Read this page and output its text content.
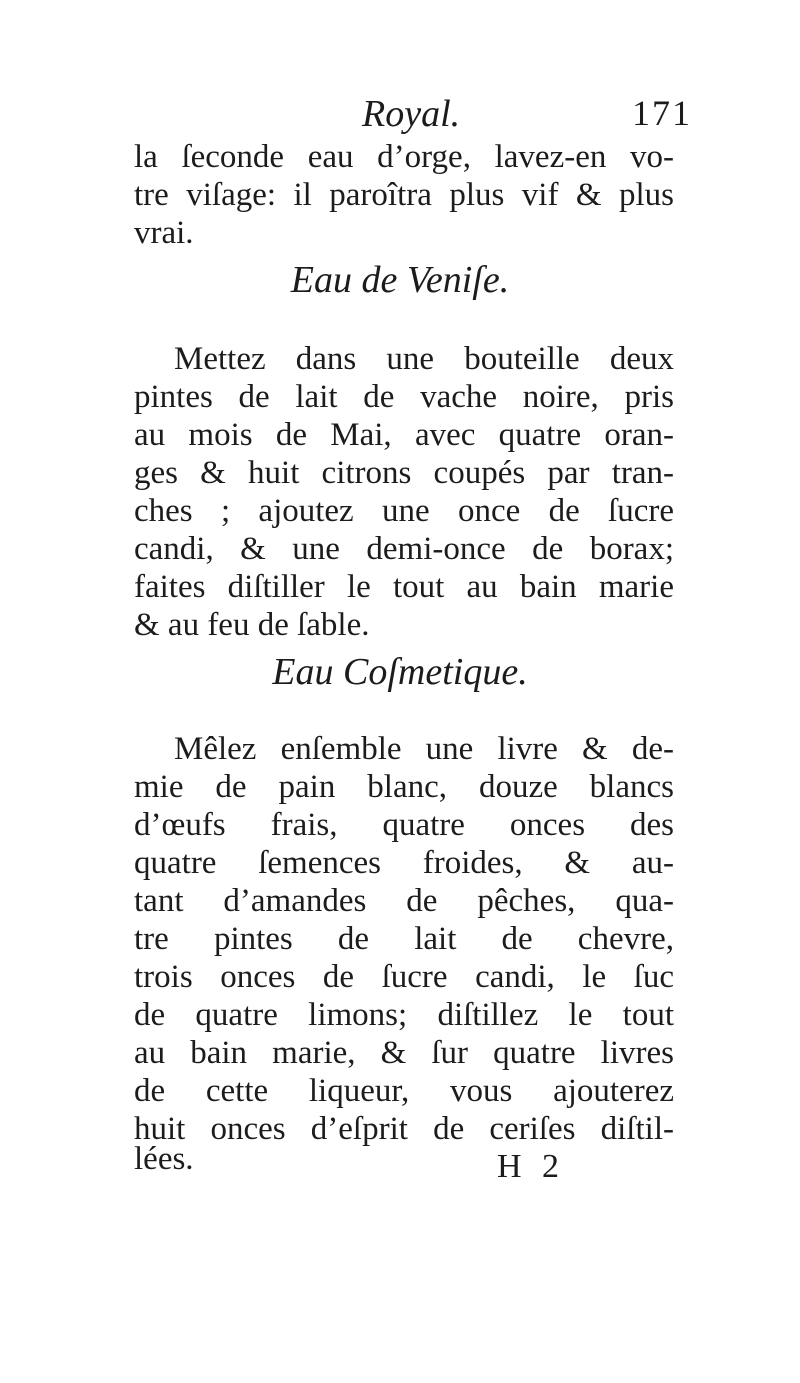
Royal.	171
la ſeconde eau d’orge, lavez-en vo-
tre viſage: il paroîtra plus vif & plus
vrai.
Eau de Veniſe.
Mettez dans une bouteille deux
pintes de lait de vache noire, pris
au mois de Mai, avec quatre oran-
ges & huit citrons coupés par tran-
ches ; ajoutez une once de ſucre
candi, & une demi-once de borax;
faites diſtiller le tout au bain marie
& au feu de ſable.
Eau Coſmetique.
Mêlez enſemble une livre & de-
mie de pain blanc, douze blancs
d’œufs frais, quatre onces des
quatre ſemences froides, & au-
tant d’amandes de pêches, qua-
tre pintes de lait de chevre,
trois onces de ſucre candi, le ſuc
de quatre limons; diſtillez le tout
au bain marie, & ſur quatre livres
de cette liqueur, vous ajouterez
huit onces d’eſprit de ceriſes diſtil-
lées.	H 2
